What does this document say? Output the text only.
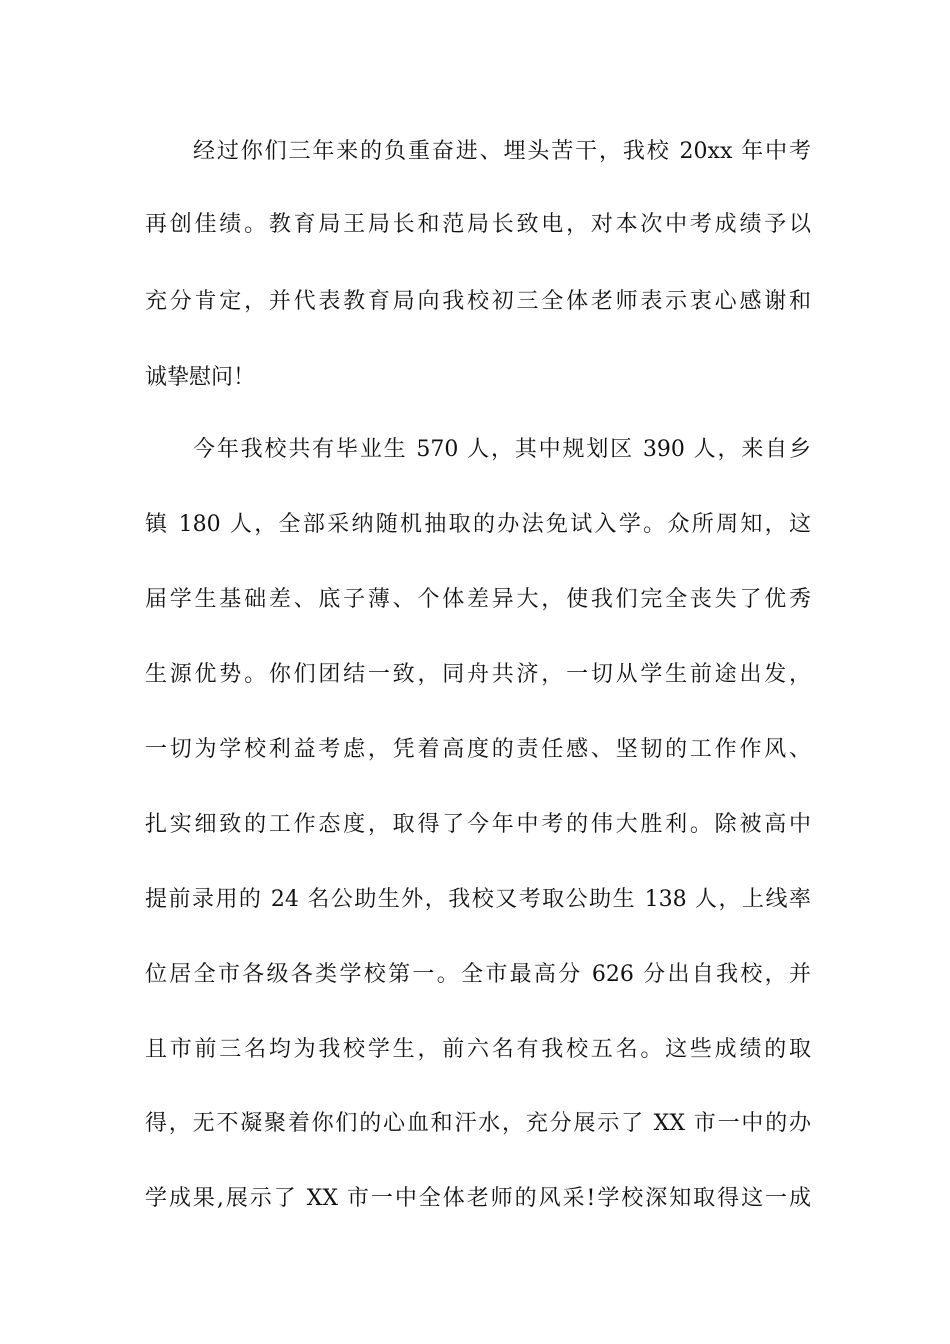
经过你们三年来的负重奋进、埋头苦干，我校 20xx 年中考
再创佳绩。教育局王局长和范局长致电，对本次中考成绩予以
充分肯定，并代表教育局向我校初三全体老师表示衷心感谢和
诚挚慰问！
今年我校共有毕业生 570 人，其中规划区 390 人，来自乡
镇 180 人，全部采纳随机抽取的办法免试入学。众所周知，这
届学生基础差、底子薄、个体差异大，使我们完全丧失了优秀
生源优势。你们团结一致，同舟共济，一切从学生前途出发，
一切为学校利益考虑，凭着高度的责任感、坚韧的工作作风、
扎实细致的工作态度，取得了今年中考的伟大胜利。除被高中
提前录用的 24 名公助生外，我校又考取公助生 138 人，上线率
位居全市各级各类学校第一。全市最高分 626 分出自我校，并
且市前三名均为我校学生，前六名有我校五名。这些成绩的取
得，无不凝聚着你们的心血和汗水，充分展示了 XX 市一中的办
学成果,展示了 XX 市一中全体老师的风采!学校深知取得这一成
